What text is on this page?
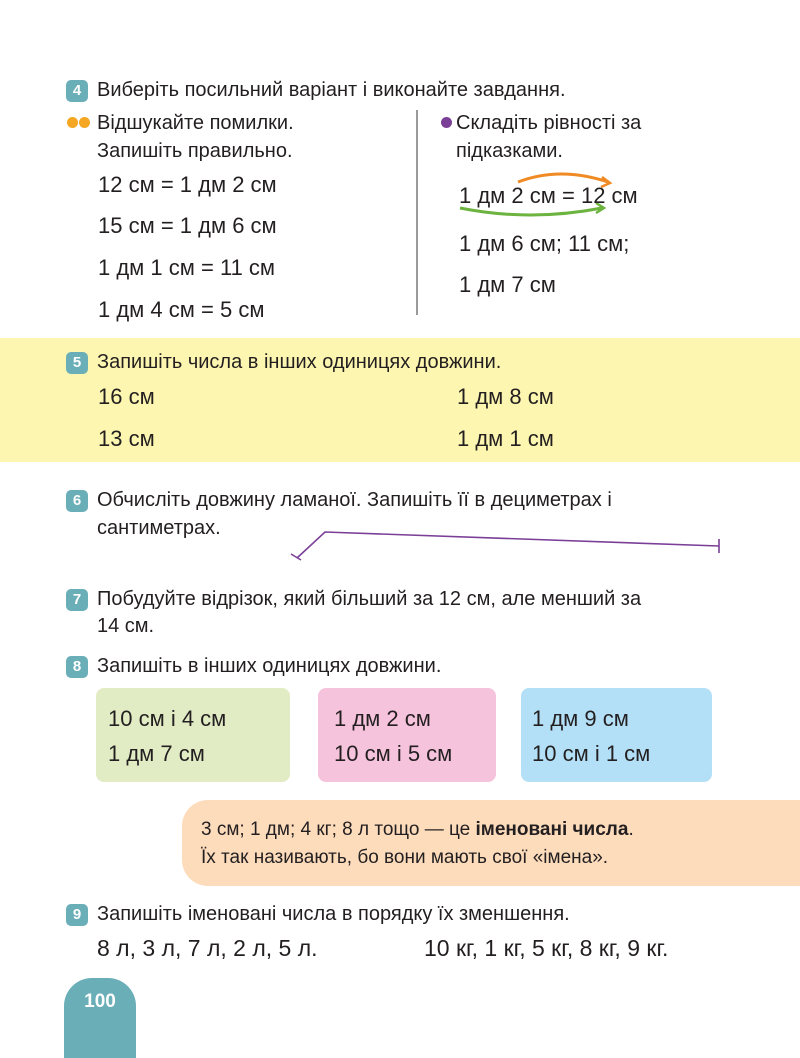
4 Виберіть посильний варіант і виконайте завдання.
Відшукайте помилки.
Запишіть правильно.
12 см = 1 дм 2 см
15 см = 1 дм 6 см
1 дм 1 см = 11 см
1 дм 4 см = 5 см
Складіть рівності за
підказками.
1 дм 2 см = 12 см
1 дм 6 см; 11 см;
1 дм 7 см
5 Запишіть числа в інших одиницях довжини.
16 см	1 дм 8 см
13 см	1 дм 1 см
6 Обчисліть довжину ламаної. Запишіть її в дециметрах і
сантиметрах.
7 Побудуйте відрізок, який більший за 12 см, але менший за
14 см.
8 Запишіть в інших одиницях довжини.
10 см і 4 см
1 дм 7 см
1 дм 2 см
10 см і 5 см
1 дм 9 см
10 см і 1 см
3 см; 1 дм; 4 кг; 8 л тощо — це іменовані числа.
Їх так називають, бо вони мають свої «імена».
9 Запишіть іменовані числа в порядку їх зменшення.
8 л, 3 л, 7 л, 2 л, 5 л.	10 кг, 1 кг, 5 кг, 8 кг, 9 кг.
100
